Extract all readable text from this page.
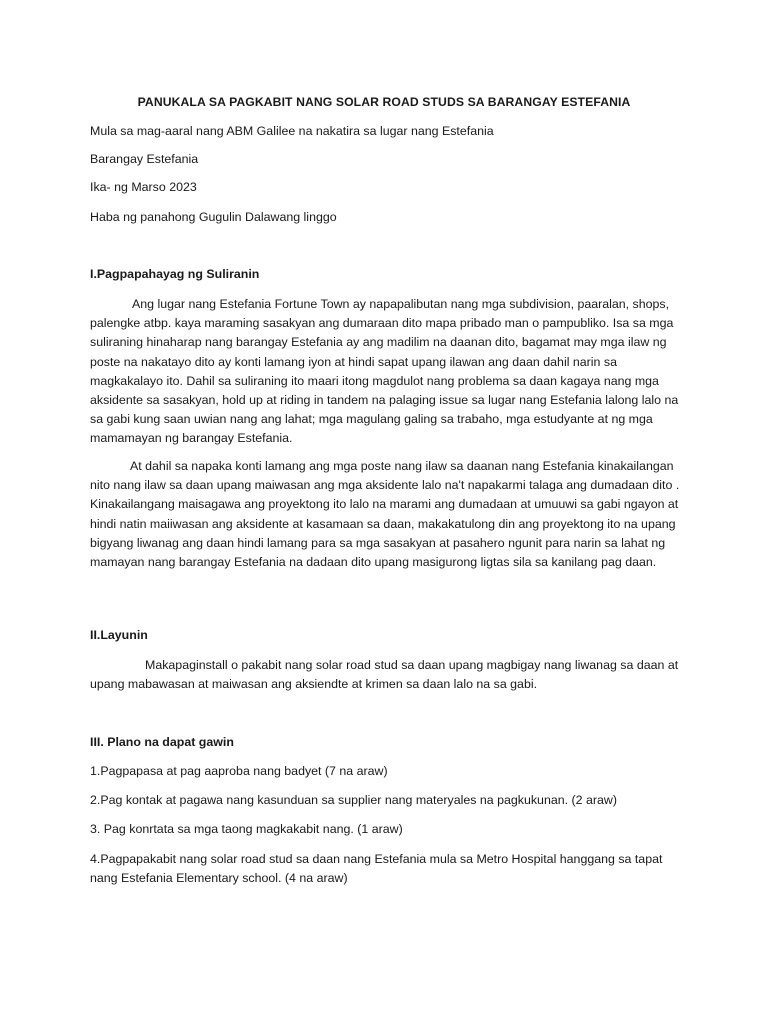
PANUKALA SA PAGKABIT NANG SOLAR ROAD STUDS SA BARANGAY ESTEFANIA

Mula sa mag-aaral nang ABM Galilee na nakatira sa lugar nang Estefania

Barangay Estefania

Ika- ng Marso 2023

Haba ng panahong Gugulin Dalawang linggo

I.Pagpapahayag ng Suliranin

Ang lugar nang Estefania Fortune Town ay napapalibutan nang mga subdivision, paaralan, shops, palengke atbp. kaya maraming sasakyan ang dumaraan dito mapa pribado man o pampubliko. Isa sa mga suliraning hinaharap nang barangay Estefania ay ang madilim na daanan dito, bagamat may mga ilaw ng poste na nakatayo dito ay konti lamang iyon at hindi sapat upang ilawan ang daan dahil narin sa magkakalayo ito. Dahil sa suliraning ito maari itong magdulot nang problema sa daan kagaya nang mga aksidente sa sasakyan, hold up at riding in tandem na palaging issue sa lugar nang Estefania lalong lalo na sa gabi kung saan uwian nang ang lahat; mga magulang galing sa trabaho, mga estudyante at ng mga mamamayan ng barangay Estefania.

At dahil sa napaka konti lamang ang mga poste nang ilaw sa daanan nang Estefania kinakailangan nito nang ilaw sa daan upang maiwasan ang mga aksidente lalo na't napakarmi talaga ang dumadaan dito . Kinakailangang maisagawa ang proyektong ito lalo na marami ang dumadaan at umuuwi sa gabi ngayon at hindi natin maiiwasan ang aksidente at kasamaan sa daan, makakatulong din ang proyektong ito na upang bigyang liwanag ang daan hindi lamang para sa mga sasakyan at pasahero ngunit para narin sa lahat ng mamayan nang barangay Estefania na dadaan dito upang masigurong ligtas sila sa kanilang pag daan.

II.Layunin

Makapaginstall o pakabit nang solar road stud sa daan upang magbigay nang liwanag sa daan at upang mabawasan at maiwasan ang aksiendte at krimen sa daan lalo na sa gabi.

III. Plano na dapat gawin

1.Pagpapasa at pag aaproba nang badyet (7 na araw)

2.Pag kontak at pagawa nang kasunduan sa supplier nang materyales na pagkukunan. (2 araw)

3. Pag konrtata sa mga taong magkakabit nang. (1 araw)

4.Pagpapakabit nang solar road stud sa daan nang Estefania mula sa Metro Hospital hanggang sa tapat nang Estefania Elementary school. (4 na araw)
